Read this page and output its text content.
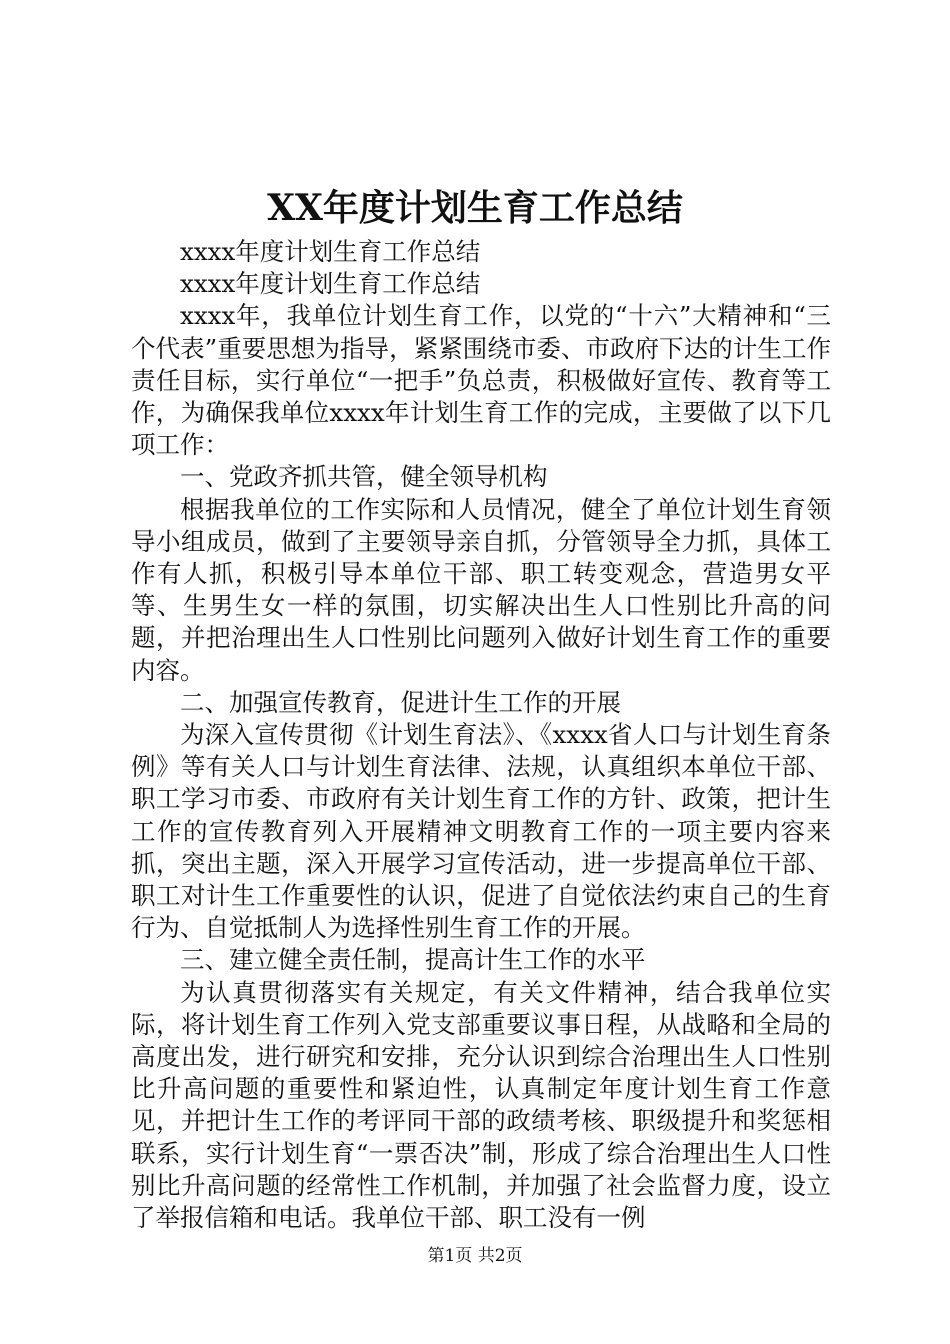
XX年度计划生育工作总结

xxxx年度计划生育工作总结

xxxx年度计划生育工作总结

xxxx年，我单位计划生育工作，以党的“十六”大精神和“三个代表”重要思想为指导，紧紧围绕市委、市政府下达的计生工作责任目标，实行单位“一把手”负总责，积极做好宣传、教育等工作，为确保我单位xxxx年计划生育工作的完成，主要做了以下几项工作：

一、党政齐抓共管，健全领导机构

根据我单位的工作实际和人员情况，健全了单位计划生育领导小组成员，做到了主要领导亲自抓，分管领导全力抓，具体工作有人抓，积极引导本单位干部、职工转变观念，营造男女平等、生男生女一样的氛围，切实解决出生人口性别比升高的问题，并把治理出生人口性别比问题列入做好计划生育工作的重要内容。

二、加强宣传教育，促进计生工作的开展

为深入宣传贯彻《计划生育法》、《xxxx省人口与计划生育条例》等有关人口与计划生育法律、法规，认真组织本单位干部、职工学习市委、市政府有关计划生育工作的方针、政策，把计生工作的宣传教育列入开展精神文明教育工作的一项主要内容来抓，突出主题，深入开展学习宣传活动，进一步提高单位干部、职工对计生工作重要性的认识，促进了自觉依法约束自己的生育行为、自觉抵制人为选择性别生育工作的开展。

三、建立健全责任制，提高计生工作的水平

为认真贯彻落实有关规定，有关文件精神，结合我单位实际，将计划生育工作列入党支部重要议事日程，从战略和全局的高度出发，进行研究和安排，充分认识到综合治理出生人口性别比升高问题的重要性和紧迫性，认真制定年度计划生育工作意见，并把计生工作的考评同干部的政绩考核、职级提升和奖惩相联系，实行计划生育“一票否决”制，形成了综合治理出生人口性别比升高问题的经常性工作机制，并加强了社会监督力度，设立了举报信箱和电话。我单位干部、职工没有一例

第1页 共2页
